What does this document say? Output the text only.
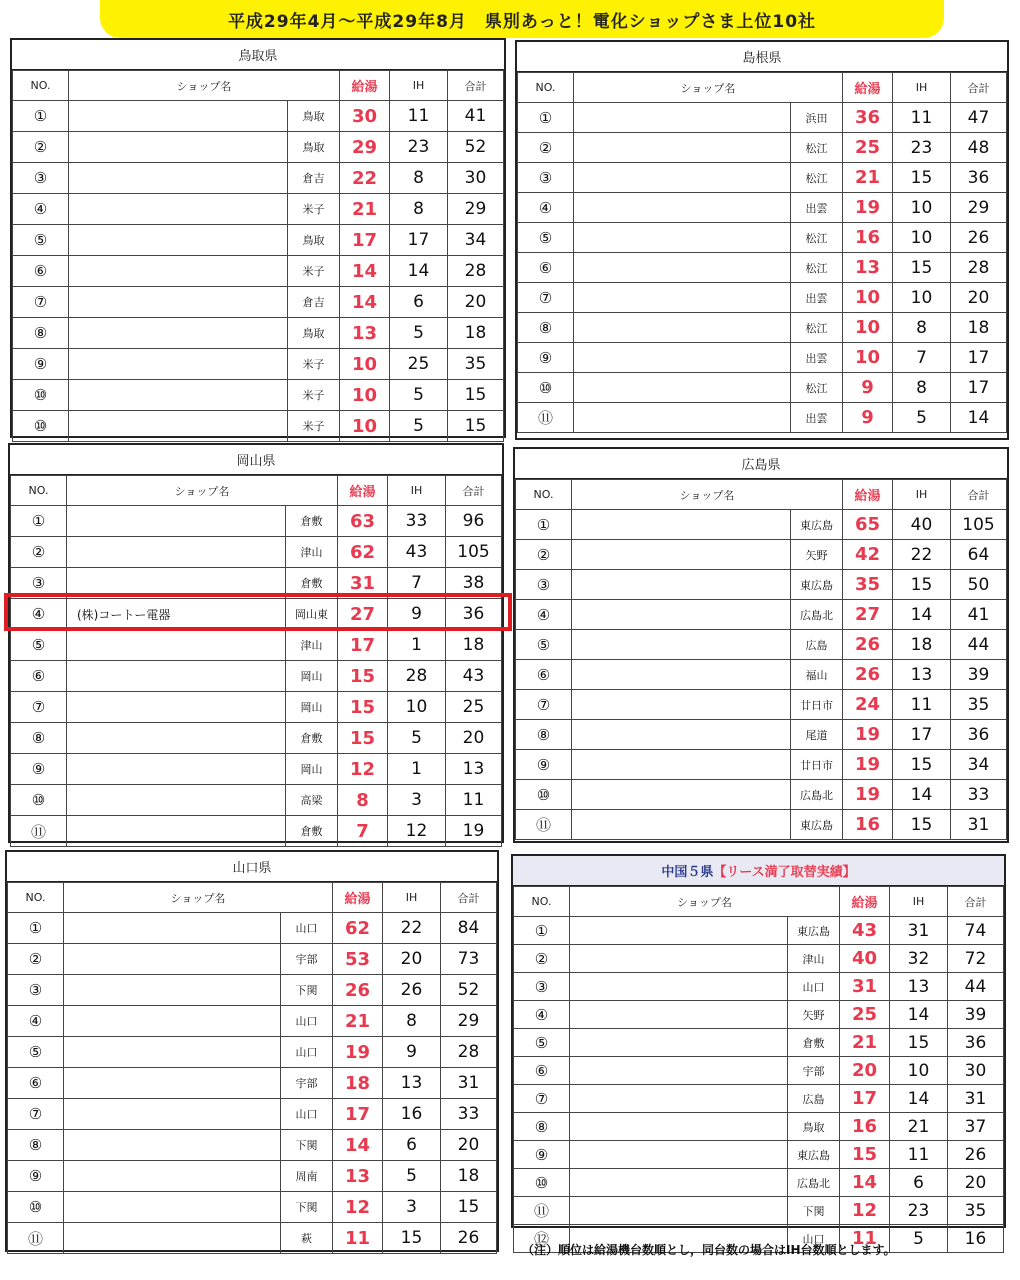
平成29年4月～平成29年8月　県別あっと！電化ショップさま上位10社
鳥取県
NO.	ショップ名		給湯	IH	合計
①		鳥取	30	11	41
②		鳥取	29	23	52
③		倉吉	22	8	30
④		米子	21	8	29
⑤		鳥取	17	17	34
⑥		米子	14	14	28
⑦		倉吉	14	6	20
⑧		鳥取	13	5	18
⑨		米子	10	25	35
⑩		米子	10	5	15
⑩		米子	10	5	15
島根県
NO.	ショップ名		給湯	IH	合計
①		浜田	36	11	47
②		松江	25	23	48
③		松江	21	15	36
④		出雲	19	10	29
⑤		松江	16	10	26
⑥		松江	13	15	28
⑦		出雲	10	10	20
⑧		松江	10	8	18
⑨		出雲	10	7	17
⑩		松江	9	8	17
⑪		出雲	9	5	14
岡山県
NO.	ショップ名		給湯	IH	合計
①		倉敷	63	33	96
②		津山	62	43	105
③		倉敷	31	7	38
④	(株)コートー電器	岡山東	27	9	36
⑤		津山	17	1	18
⑥		岡山	15	28	43
⑦		岡山	15	10	25
⑧		倉敷	15	5	20
⑨		岡山	12	1	13
⑩		高梁	8	3	11
⑪		倉敷	7	12	19
広島県
NO.	ショップ名		給湯	IH	合計
①		東広島	65	40	105
②		矢野	42	22	64
③		東広島	35	15	50
④		広島北	27	14	41
⑤		広島	26	18	44
⑥		福山	26	13	39
⑦		廿日市	24	11	35
⑧		尾道	19	17	36
⑨		廿日市	19	15	34
⑩		広島北	19	14	33
⑪		東広島	16	15	31
山口県
NO.	ショップ名		給湯	IH	合計
①		山口	62	22	84
②		宇部	53	20	73
③		下関	26	26	52
④		山口	21	8	29
⑤		山口	19	9	28
⑥		宇部	18	13	31
⑦		山口	17	16	33
⑧		下関	14	6	20
⑨		周南	13	5	18
⑩		下関	12	3	15
⑪		萩	11	15	26
中国５県 【リース満了取替実績】
NO.	ショップ名		給湯	IH	合計
①		東広島	43	31	74
②		津山	40	32	72
③		山口	31	13	44
④		矢野	25	14	39
⑤		倉敷	21	15	36
⑥		宇部	20	10	30
⑦		広島	17	14	31
⑧		鳥取	16	21	37
⑨		東広島	15	11	26
⑩		広島北	14	6	20
⑪		下関	12	23	35
⑫		山口	11	5	16
（注）順位は給湯機台数順とし，同台数の場合はIH台数順とします。
